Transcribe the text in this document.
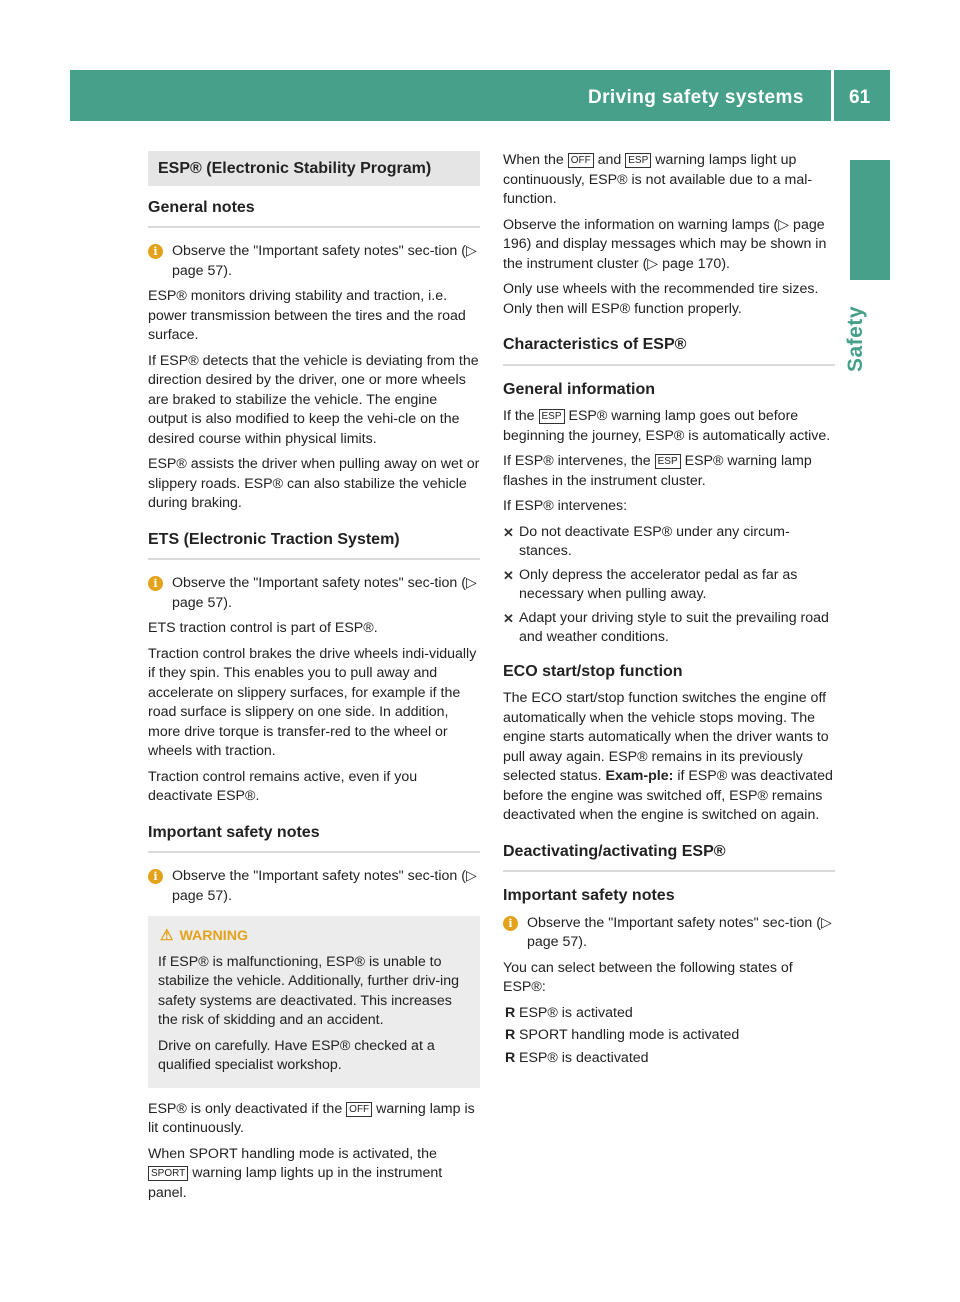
Driving safety systems 61
Safety
ESP® (Electronic Stability Program)
General notes
i	Observe the "Important safety notes" sec-tion (▷ page 57).

ESP® monitors driving stability and traction, i.e. power transmission between the tires and the road surface.

If ESP® detects that the vehicle is deviating from the direction desired by the driver, one or more wheels are braked to stabilize the vehicle. The engine output is also modified to keep the vehi-cle on the desired course within physical limits.

ESP® assists the driver when pulling away on wet or slippery roads. ESP® can also stabilize the vehicle during braking.

ETS (Electronic Traction System)
i	Observe the "Important safety notes" sec-tion (▷ page 57).

ETS traction control is part of ESP®.

Traction control brakes the drive wheels indi-vidually if they spin. This enables you to pull away and accelerate on slippery surfaces, for example if the road surface is slippery on one side. In addition, more drive torque is transfer-red to the wheel or wheels with traction.

Traction control remains active, even if you deactivate ESP®.

Important safety notes
i	Observe the "Important safety notes" sec-tion (▷ page 57).
⚠ WARNING

If ESP® is malfunctioning, ESP® is unable to stabilize the vehicle. Additionally, further driv-ing safety systems are deactivated. This increases the risk of skidding and an accident.

Drive on carefully. Have ESP® checked at a qualified specialist workshop.

ESP® is only deactivated if the OFF warning lamp is lit continuously.

When SPORT handling mode is activated, the SPORT warning lamp lights up in the instrument panel.

When the OFF and ESP warning lamps light up continuously, ESP® is not available due to a mal-function.

Observe the information on warning lamps (▷ page 196) and display messages which may be shown in the instrument cluster (▷ page 170).

Only use wheels with the recommended tire sizes. Only then will ESP® function properly.

Characteristics of ESP®
General information

If the ESP ESP® warning lamp goes out before beginning the journey, ESP® is automatically active.

If ESP® intervenes, the ESP ESP® warning lamp flashes in the instrument cluster.

If ESP® intervenes:

✕ Do not deactivate ESP® under any circum-stances.
✕ Only depress the accelerator pedal as far as necessary when pulling away.
✕ Adapt your driving style to suit the prevailing road and weather conditions.
ECO start/stop function

The ECO start/stop function switches the engine off automatically when the vehicle stops moving. The engine starts automatically when the driver wants to pull away again. ESP® remains in its previously selected status. Exam-ple: if ESP® was deactivated before the engine was switched off, ESP® remains deactivated when the engine is switched on again.

Deactivating/activating ESP®
Important safety notes
i	Observe the "Important safety notes" sec-tion (▷ page 57).

You can select between the following states of ESP®:

R ESP® is activated
R SPORT handling mode is activated
R ESP® is deactivated
